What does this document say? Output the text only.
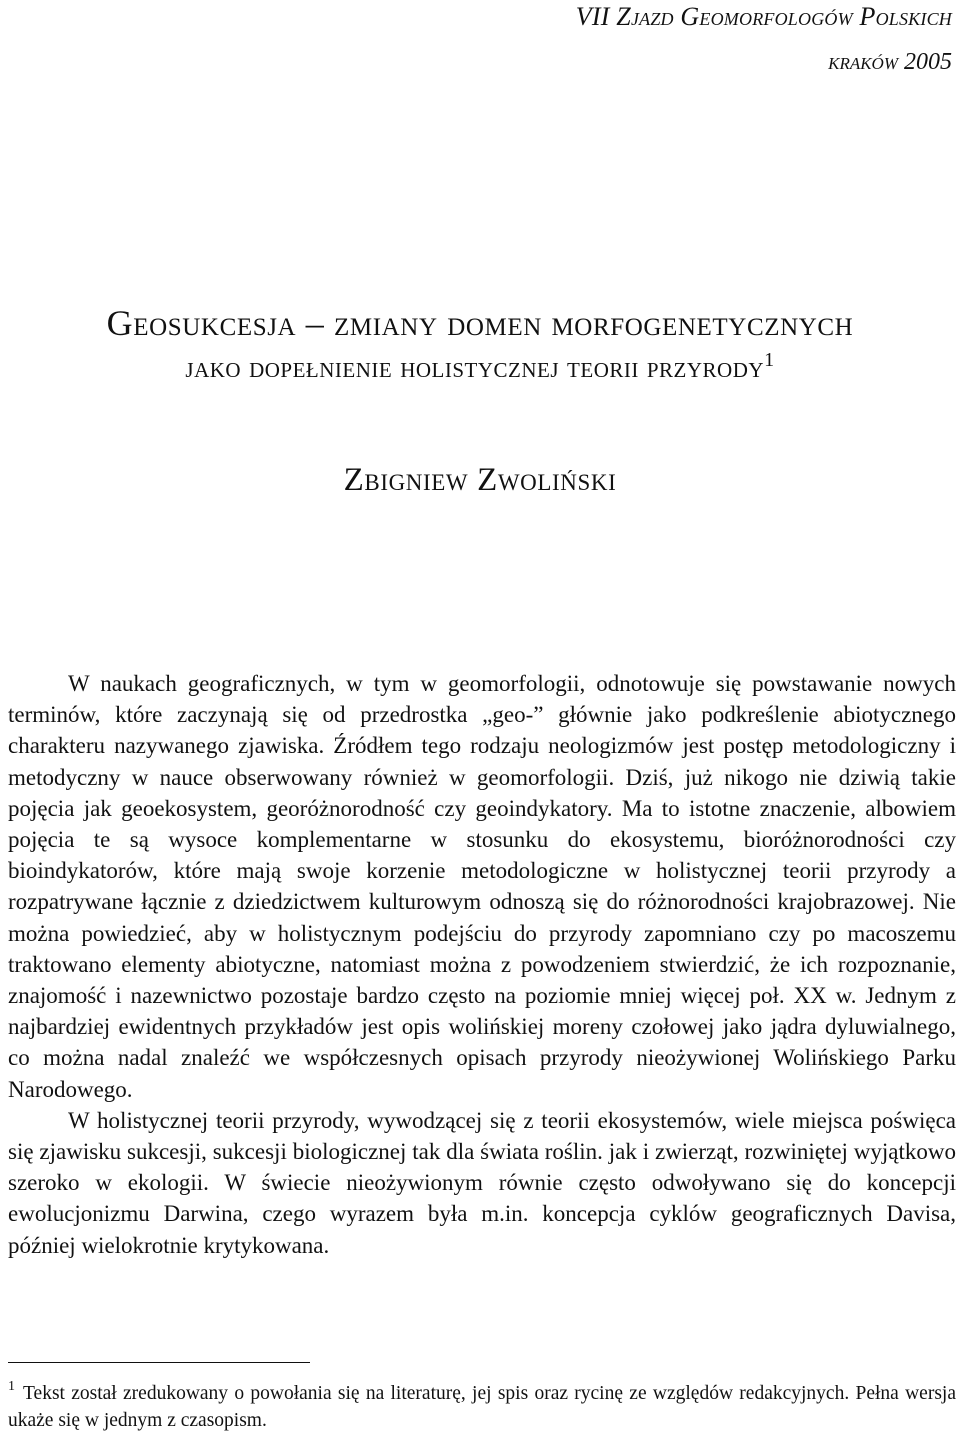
VII Zjazd Geomorfologów Polskich
kraków 2005
Geosukcesja – zmiany domen morfogenetycznych
jako dopełnienie holistycznej teorii przyrody$^1$
Zbigniew Zwoliński

W naukach geograficznych, w tym w geomorfologii, odnotowuje się powstawanie nowych terminów, które zaczynają się od przedrostka „geo-” głównie jako podkreślenie abiotycznego charakteru nazywanego zjawiska. Źródłem tego rodzaju neologizmów jest postęp metodologiczny i metodyczny w nauce obserwowany również w geomorfologii. Dziś, już nikogo nie dziwią takie pojęcia jak geoekosystem, georóżnorodność czy geoindykatory. Ma to istotne znaczenie, albowiem pojęcia te są wysoce komplementarne w stosunku do ekosystemu, bioróżnorodności czy bioindykatorów, które mają swoje korzenie metodologiczne w holistycznej teorii przyrody a rozpatrywane łącznie z dziedzictwem kulturowym odnoszą się do różnorodności krajobrazowej. Nie można powiedzieć, aby w holistycznym podejściu do przyrody zapomniano czy po macoszemu traktowano elementy abiotyczne, natomiast można z powodzeniem stwierdzić, że ich rozpoznanie, znajomość i nazewnictwo pozostaje bardzo często na poziomie mniej więcej poł. XX w. Jednym z najbardziej ewidentnych przykładów jest opis wolińskiej moreny czołowej jako jądra dyluwialnego, co można nadal znaleźć we współczesnych opisach przyrody nieożywionej Wolińskiego Parku Narodowego.

W holistycznej teorii przyrody, wywodzącej się z teorii ekosystemów, wiele miejsca poświęca się zjawisku sukcesji, sukcesji biologicznej tak dla świata roślin. jak i zwierząt, rozwiniętej wyjątkowo szeroko w ekologii. W świecie nieożywionym równie często odwoływano się do koncepcji ewolucjonizmu Darwina, czego wyrazem była m.in. koncepcja cyklów geograficznych Davisa, później wielokrotnie krytykowana.

$^1$ Tekst został zredukowany o powołania się na literaturę, jej spis oraz rycinę ze względów redakcyjnych. Pełna wersja ukaże się w jednym z czasopism.
